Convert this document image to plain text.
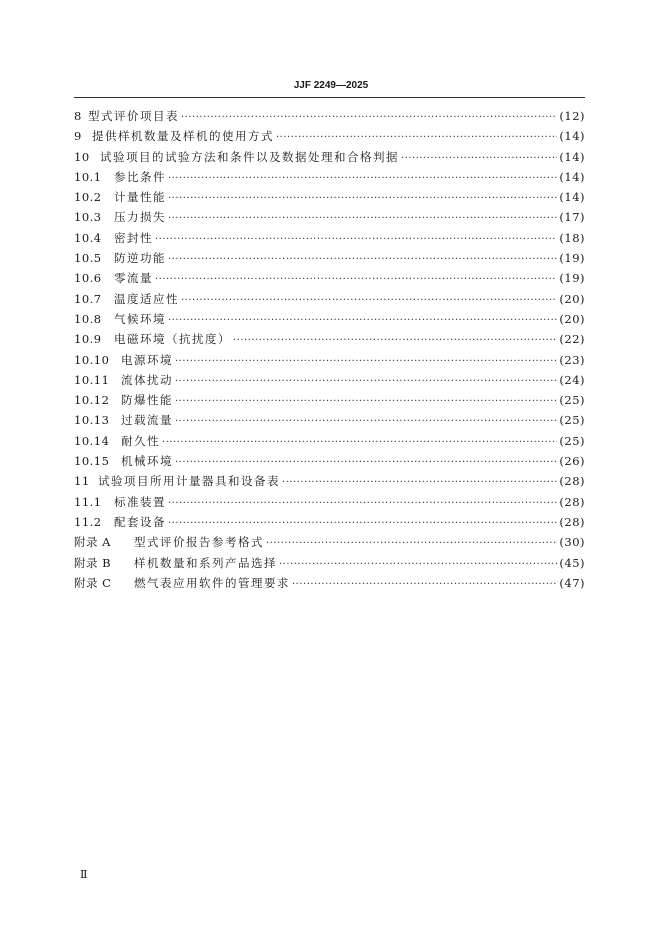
JJF 2249—2025
8 型式评价项目表 ·····	(12)
9 提供样机数量及样机的使用方式 ·····	(14)
10 试验项目的试验方法和条件以及数据处理和合格判据 ·····	(14)
10.1	参比条件 ·····	(14)
10.2	计量性能 ·····	(14)
10.3	压力损失 ·····	(17)
10.4	密封性 ·····	(18)
10.5	防逆功能 ·····	(19)
10.6	零流量 ·····	(19)
10.7	温度适应性 ·····	(20)
10.8	气候环境 ·····	(20)
10.9	电磁环境（抗扰度） ·····	(22)
10.10	电源环境 ·····	(23)
10.11	流体扰动 ·····	(24)
10.12	防爆性能 ·····	(25)
10.13	过载流量 ·····	(25)
10.14	耐久性 ·····	(25)
10.15	机械环境 ·····	(26)
11 试验项目所用计量器具和设备表 ·····	(28)
11.1	标准装置 ·····	(28)
11.2	配套设备 ·····	(28)
附录 A	型式评价报告参考格式 ·····	(30)
附录 B	样机数量和系列产品选择 ·····	(45)
附录 C	燃气表应用软件的管理要求 ·····	(47)
Ⅱ
